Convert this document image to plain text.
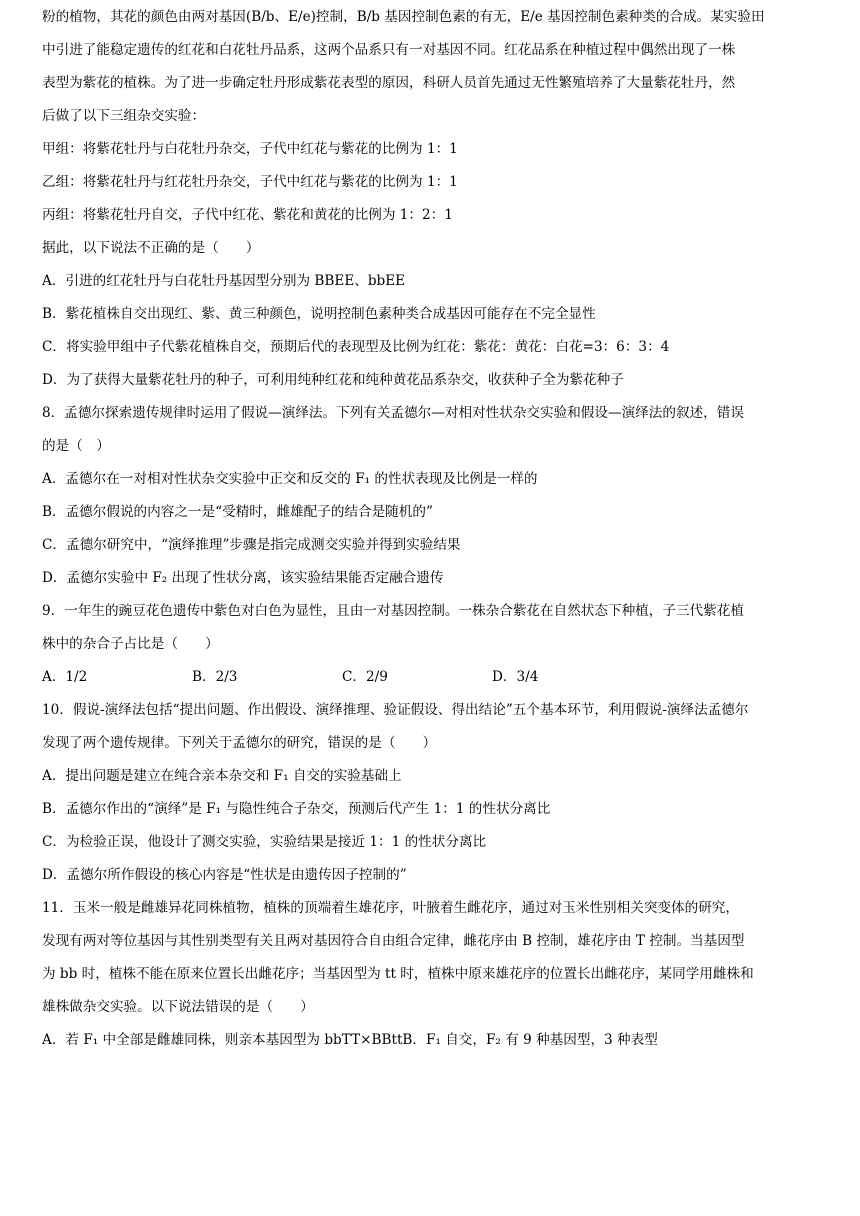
粉的植物，其花的颜色由两对基因(B/b、E/e)控制，B/b 基因控制色素的有无，E/e 基因控制色素种类的合成。某实验田
中引进了能稳定遗传的红花和白花牡丹品系，这两个品系只有一对基因不同。红花品系在种植过程中偶然出现了一株
表型为紫花的植株。为了进一步确定牡丹形成紫花表型的原因，科研人员首先通过无性繁殖培养了大量紫花牡丹，然
后做了以下三组杂交实验：
甲组：将紫花牡丹与白花牡丹杂交，子代中红花与紫花的比例为 1：1
乙组：将紫花牡丹与红花牡丹杂交，子代中红花与紫花的比例为 1：1
丙组：将紫花牡丹自交，子代中红花、紫花和黄花的比例为 1：2：1
据此，以下说法不正确的是（　　）
A．引进的红花牡丹与白花牡丹基因型分别为 BBEE、bbEE
B．紫花植株自交出现红、紫、黄三种颜色，说明控制色素种类合成基因可能存在不完全显性
C．将实验甲组中子代紫花植株自交，预期后代的表现型及比例为红花：紫花：黄花：白花=3：6：3：4
D．为了获得大量紫花牡丹的种子，可利用纯种红花和纯种黄花品系杂交，收获种子全为紫花种子
8．孟德尔探索遗传规律时运用了假说—演绎法。下列有关孟德尔—对相对性状杂交实验和假设—演绎法的叙述，错误
的是（　）
A．孟德尔在一对相对性状杂交实验中正交和反交的 F₁ 的性状表现及比例是一样的
B．孟德尔假说的内容之一是“受精时，雌雄配子的结合是随机的”
C．孟德尔研究中，“演绎推理”步骤是指完成测交实验并得到实验结果
D．孟德尔实验中 F₂ 出现了性状分离，该实验结果能否定融合遗传
9．一年生的豌豆花色遗传中紫色对白色为显性，且由一对基因控制。一株杂合紫花在自然状态下种植，子三代紫花植
株中的杂合子占比是（　　）
A．1/2	B．2/3	C．2/9	D．3/4
10．假说-演绎法包括“提出问题、作出假设、演绎推理、验证假设、得出结论”五个基本环节，利用假说-演绎法孟德尔
发现了两个遗传规律。下列关于孟德尔的研究，错误的是（　　）
A．提出问题是建立在纯合亲本杂交和 F₁ 自交的实验基础上
B．孟德尔作出的“演绎”是 F₁ 与隐性纯合子杂交，预测后代产生 1：1 的性状分离比
C．为检验正误，他设计了测交实验，实验结果是接近 1：1 的性状分离比
D．孟德尔所作假设的核心内容是“性状是由遗传因子控制的”
11．玉米一般是雌雄异花同株植物，植株的顶端着生雄花序，叶腋着生雌花序，通过对玉米性别相关突变体的研究，
发现有两对等位基因与其性别类型有关且两对基因符合自由组合定律，雌花序由 B 控制，雄花序由 T 控制。当基因型
为 bb 时，植株不能在原来位置长出雌花序；当基因型为 tt 时，植株中原来雄花序的位置长出雌花序，某同学用雌株和
雄株做杂交实验。以下说法错误的是（　　）
A．若 F₁ 中全部是雌雄同株，则亲本基因型为 bbTT×BBttB．F₁ 自交，F₂ 有 9 种基因型，3 种表型
